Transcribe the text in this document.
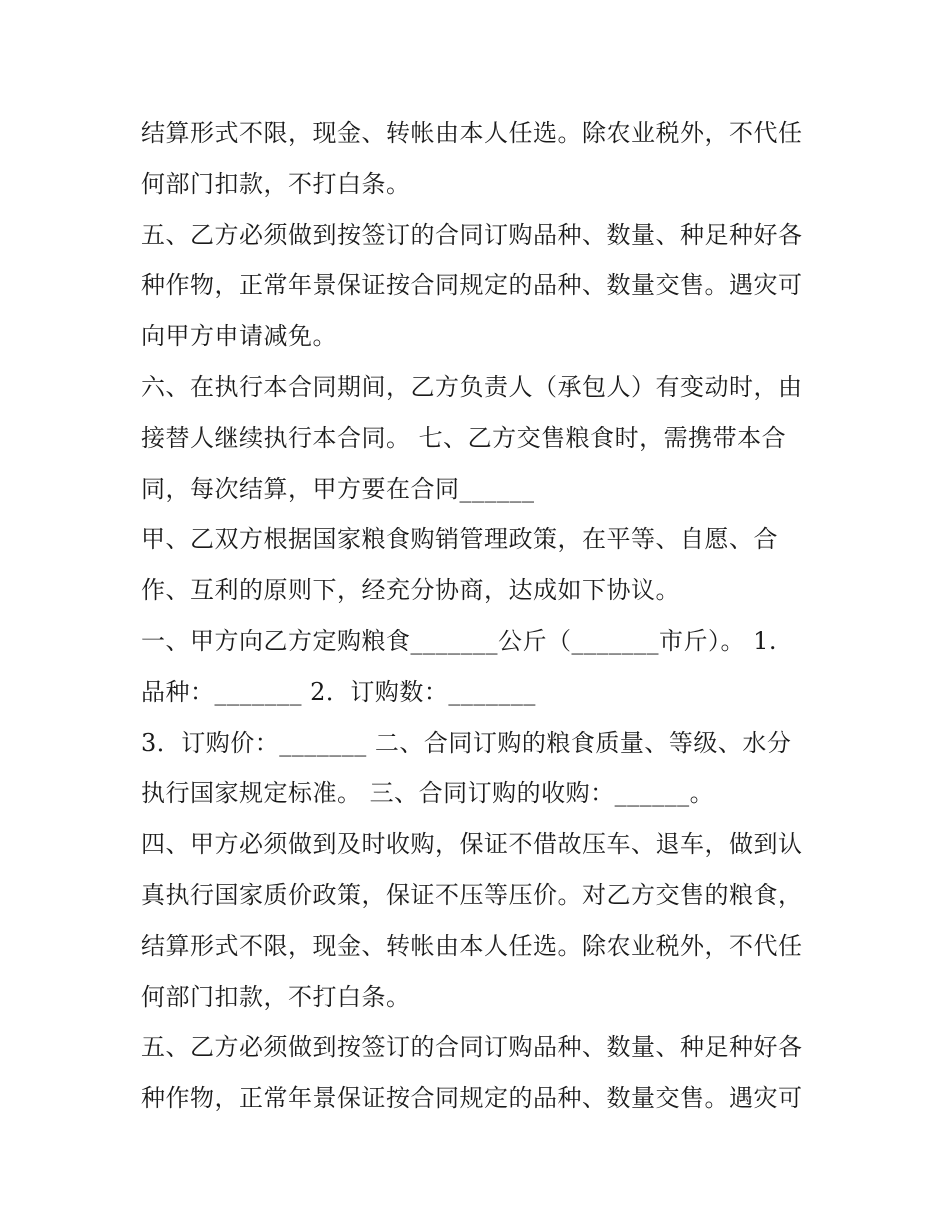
结算形式不限，现金、转帐由本人任选。除农业税外，不代任
何部门扣款，不打白条。
五、乙方必须做到按签订的合同订购品种、数量、种足种好各
种作物，正常年景保证按合同规定的品种、数量交售。遇灾可
向甲方申请减免。
六、在执行本合同期间，乙方负责人（承包人）有变动时，由
接替人继续执行本合同。 七、乙方交售粮食时，需携带本合
同，每次结算，甲方要在合同______
甲、乙双方根据国家粮食购销管理政策，在平等、自愿、合
作、互利的原则下，经充分协商，达成如下协议。
一、甲方向乙方定购粮食_______公斤（_______市斤）。 1.
品种：_______ 2．订购数：_______
3．订购价：_______ 二、合同订购的粮食质量、等级、水分
执行国家规定标准。 三、合同订购的收购：______。
四、甲方必须做到及时收购，保证不借故压车、退车，做到认
真执行国家质价政策，保证不压等压价。对乙方交售的粮食，
结算形式不限，现金、转帐由本人任选。除农业税外，不代任
何部门扣款，不打白条。
五、乙方必须做到按签订的合同订购品种、数量、种足种好各
种作物，正常年景保证按合同规定的品种、数量交售。遇灾可
